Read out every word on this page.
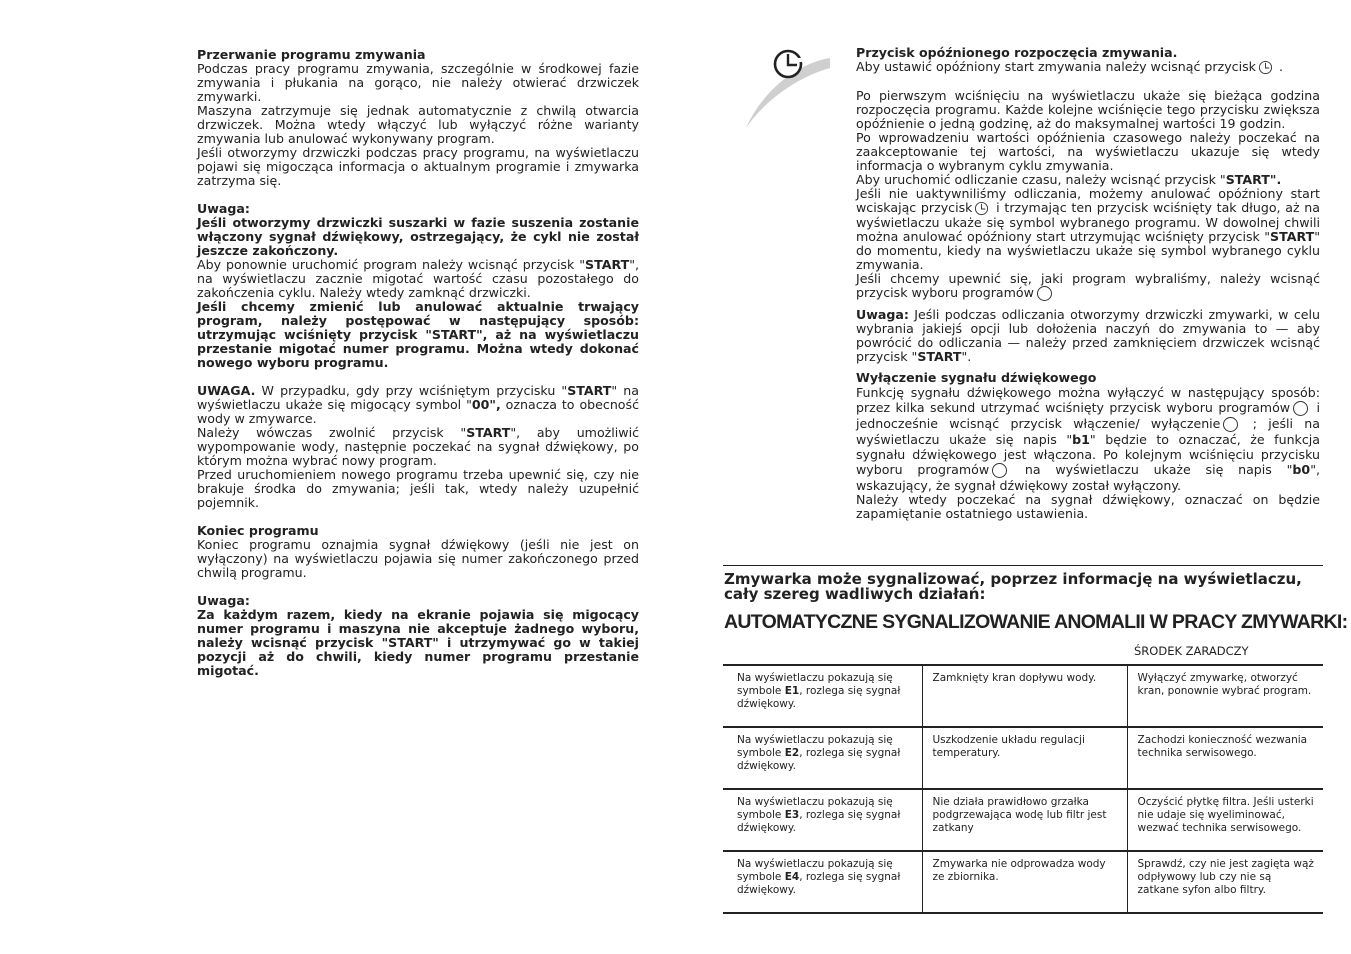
Przerwanie programu zmywania

Podczas pracy programu zmywania, szczególnie w środkowej fazie zmywania i płukania na gorąco, nie należy otwierać drzwiczek zmywarki.

Maszyna zatrzymuje się jednak automatycznie z chwilą otwarcia drzwiczek. Można wtedy włączyć lub wyłączyć różne warianty zmywania lub anulować wykonywany program.

Jeśli otworzymy drzwiczki podczas pracy programu, na wyświetlaczu pojawi się migocząca informacja o aktualnym programie i zmywarka zatrzyma się.

Uwaga:

Jeśli otworzymy drzwiczki suszarki w fazie suszenia zostanie włączony sygnał dźwiękowy, ostrzegający, że cykl nie został jeszcze zakończony.

Aby ponownie uruchomić program należy wcisnąć przycisk "START", na wyświetlaczu zacznie migotać wartość czasu pozostałego do zakończenia cyklu. Należy wtedy zamknąć drzwiczki.

Jeśli chcemy zmienić lub anulować aktualnie trwający program, należy postępować w następujący sposób: utrzymując wciśnięty przycisk "START", aż na wyświetlaczu przestanie migotać numer programu. Można wtedy dokonać nowego wyboru programu.

UWAGA. W przypadku, gdy przy wciśniętym przycisku "START" na wyświetlaczu ukaże się migocący symbol "00", oznacza to obecność wody w zmywarce.

Należy wówczas zwolnić przycisk "START", aby umożliwić wypompowanie wody, następnie poczekać na sygnał dźwiękowy, po którym można wybrać nowy program.

Przed uruchomieniem nowego programu trzeba upewnić się, czy nie brakuje środka do zmywania; jeśli tak, wtedy należy uzupełnić pojemnik.

Koniec programu

Koniec programu oznajmia sygnał dźwiękowy (jeśli nie jest on wyłączony) na wyświetlaczu pojawia się numer zakończonego przed chwilą programu.

Uwaga:

Za każdym razem, kiedy na ekranie pojawia się migocący numer programu i maszyna nie akceptuje żadnego wyboru, należy wcisnąć przycisk "START" i utrzymywać go w takiej pozycji aż do chwili, kiedy numer programu przestanie migotać.

Przycisk opóźnionego rozpoczęcia zmywania.

Aby ustawić opóźniony start zmywania należy wcisnąć przycisk .

Po pierwszym wciśnięciu na wyświetlaczu ukaże się bieżąca godzina rozpoczęcia programu. Każde kolejne wciśnięcie tego przycisku zwiększa opóźnienie o jedną godzinę, aż do maksymalnej wartości 19 godzin.

Po wprowadzeniu wartości opóźnienia czasowego należy poczekać na zaakceptowanie tej wartości, na wyświetlaczu ukazuje się wtedy informacja o wybranym cyklu zmywania.

Aby uruchomić odliczanie czasu, należy wcisnąć przycisk "START".

Jeśli nie uaktywniliśmy odliczania, możemy anulować opóźniony start wciskając przycisk i trzymając ten przycisk wciśnięty tak długo, aż na wyświetlaczu ukaże się symbol wybranego programu. W dowolnej chwili można anulować opóźniony start utrzymując wciśnięty przycisk "START" do momentu, kiedy na wyświetlaczu ukaże się symbol wybranego cyklu zmywania.

Jeśli chcemy upewnić się, jaki program wybraliśmy, należy wcisnąć przycisk wyboru programów

Uwaga: Jeśli podczas odliczania otworzymy drzwiczki zmywarki, w celu wybrania jakiejś opcji lub dołożenia naczyń do zmywania to — aby powrócić do odliczania — należy przed zamknięciem drzwiczek wcisnąć przycisk "START".

Wyłączenie sygnału dźwiękowego

Funkcję sygnału dźwiękowego można wyłączyć w następujący sposób: przez kilka sekund utrzymać wciśnięty przycisk wyboru programów i jednocześnie wcisnąć przycisk włączenie/ wyłączenie ; jeśli na wyświetlaczu ukaże się napis "b1" będzie to oznaczać, że funkcja sygnału dźwiękowego jest włączona. Po kolejnym wciśnięciu przycisku wyboru programów na wyświetlaczu ukaże się napis "b0", wskazujący, że sygnał dźwiękowy został wyłączony.

Należy wtedy poczekać na sygnał dźwiękowy, oznaczać on będzie zapamiętanie ostatniego ustawienia.

Zmywarka może sygnalizować, poprzez informację na wyświetlaczu, cały szereg wadliwych działań:

AUTOMATYCZNE SYGNALIZOWANIE ANOMALII W PRACY ZMYWARKI:
ŚRODEK ZARADCZY
Na wyświetlaczu pokazują się symbole E1, rozlega się sygnał dźwiękowy.	Zamknięty kran dopływu wody.	Wyłączyć zmywarkę, otworzyć kran, ponownie wybrać program.
Na wyświetlaczu pokazują się symbole E2, rozlega się sygnał dźwiękowy.	Uszkodzenie układu regulacji temperatury.	Zachodzi konieczność wezwania technika serwisowego.
Na wyświetlaczu pokazują się symbole E3, rozlega się sygnał dźwiękowy.	Nie działa prawidłowo grzałka podgrzewająca wodę lub filtr jest zatkany	Oczyścić płytkę filtra. Jeśli usterki nie udaje się wyeliminować, wezwać technika serwisowego.
Na wyświetlaczu pokazują się symbole E4, rozlega się sygnał dźwiękowy.	Zmywarka nie odprowadza wody ze zbiornika.	Sprawdź, czy nie jest zagięta wąż odpływowy lub czy nie są zatkane syfon albo filtry.
